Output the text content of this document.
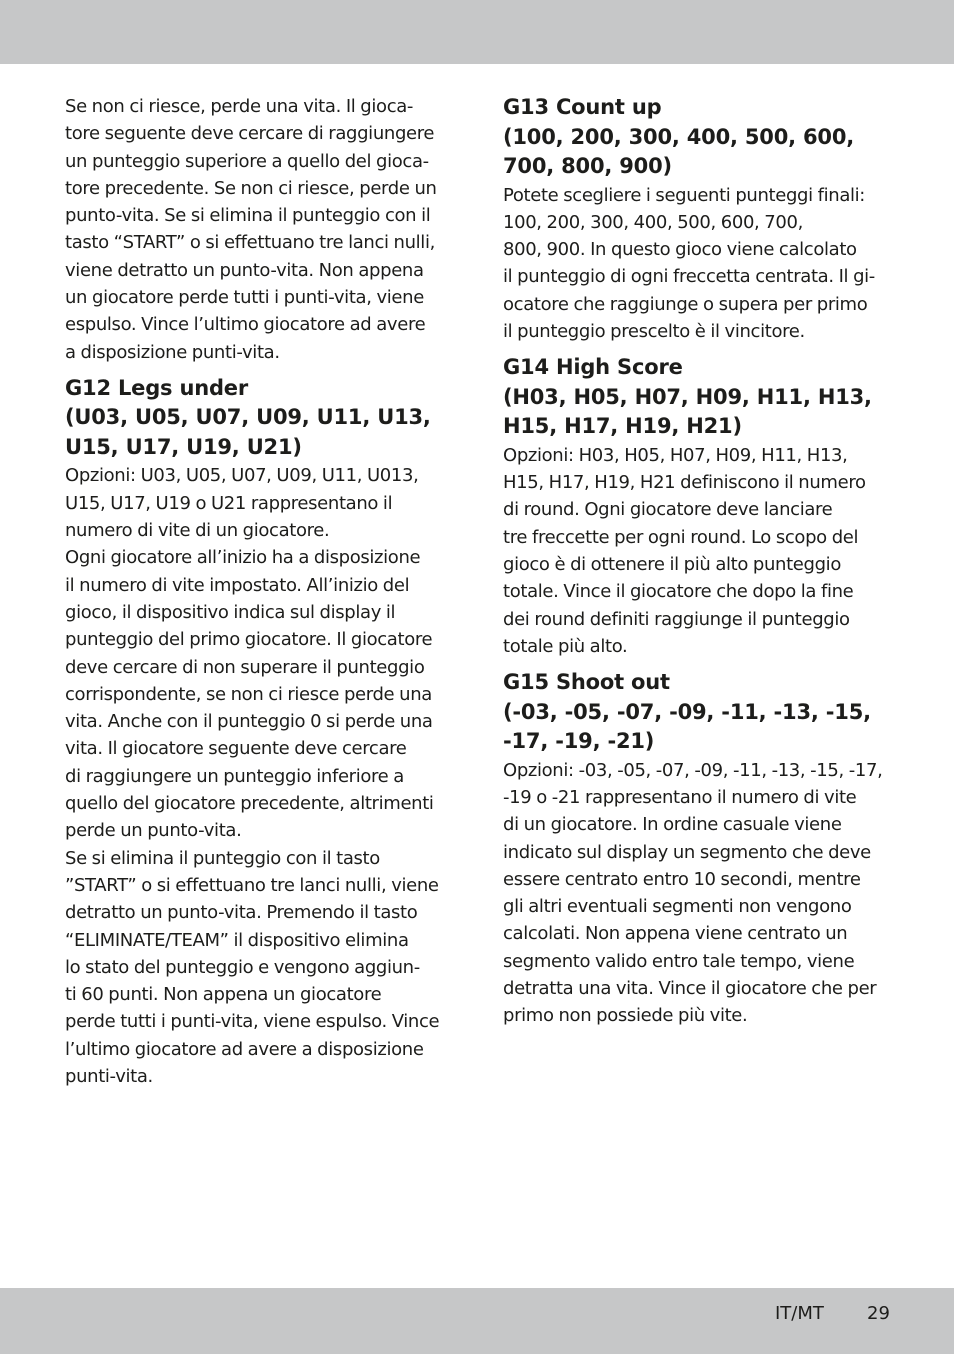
Se non ci riesce, perde una vita. Il gioca-
tore seguente deve cercare di raggiungere
un punteggio superiore a quello del gioca-
tore precedente. Se non ci riesce, perde un
punto-vita. Se si elimina il punteggio con il
tasto “START” o si effettuano tre lanci nulli,
viene detratto un punto-vita. Non appena
un giocatore perde tutti i punti-vita, viene
espulso. Vince l’ultimo giocatore ad avere
a disposizione punti-vita.

G12 Legs under
(U03, U05, U07, U09, U11, U13,
U15, U17, U19, U21)

Opzioni: U03, U05, U07, U09, U11, U013,
U15, U17, U19 o U21 rappresentano il
numero di vite di un giocatore.

Ogni giocatore all’inizio ha a disposizione
il numero di vite impostato. All’inizio del
gioco, il dispositivo indica sul display il
punteggio del primo giocatore. Il giocatore
deve cercare di non superare il punteggio
corrispondente, se non ci riesce perde una
vita. Anche con il punteggio 0 si perde una
vita. Il giocatore seguente deve cercare
di raggiungere un punteggio inferiore a
quello del giocatore precedente, altrimenti
perde un punto-vita.

Se si elimina il punteggio con il tasto
”START” o si effettuano tre lanci nulli, viene
detratto un punto-vita. Premendo il tasto
“ELIMINATE/TEAM” il dispositivo elimina
lo stato del punteggio e vengono aggiun-
ti 60 punti. Non appena un giocatore
perde tutti i punti-vita, viene espulso. Vince
l’ultimo giocatore ad avere a disposizione
punti-vita.

G13 Count up
(100, 200, 300, 400, 500, 600,
700, 800, 900)

Potete scegliere i seguenti punteggi finali:
100, 200, 300, 400, 500, 600, 700,
800, 900. In questo gioco viene calcolato
il punteggio di ogni freccetta centrata. Il gi-
ocatore che raggiunge o supera per primo
il punteggio prescelto è il vincitore.

G14 High Score
(H03, H05, H07, H09, H11, H13,
H15, H17, H19, H21)

Opzioni: H03, H05, H07, H09, H11, H13,
H15, H17, H19, H21 definiscono il numero
di round. Ogni giocatore deve lanciare
tre freccette per ogni round. Lo scopo del
gioco è di ottenere il più alto punteggio
totale. Vince il giocatore che dopo la fine
dei round definiti raggiunge il punteggio
totale più alto.

G15 Shoot out
(-03, -05, -07, -09, -11, -13, -15,
-17, -19, -21)

Opzioni: -03, -05, -07, -09, -11, -13, -15, -17,
-19 o -21 rappresentano il numero di vite
di un giocatore. In ordine casuale viene
indicato sul display un segmento che deve
essere centrato entro 10 secondi, mentre
gli altri eventuali segmenti non vengono
calcolati. Non appena viene centrato un
segmento valido entro tale tempo, viene
detratta una vita. Vince il giocatore che per
primo non possiede più vite.

IT/MT 29
